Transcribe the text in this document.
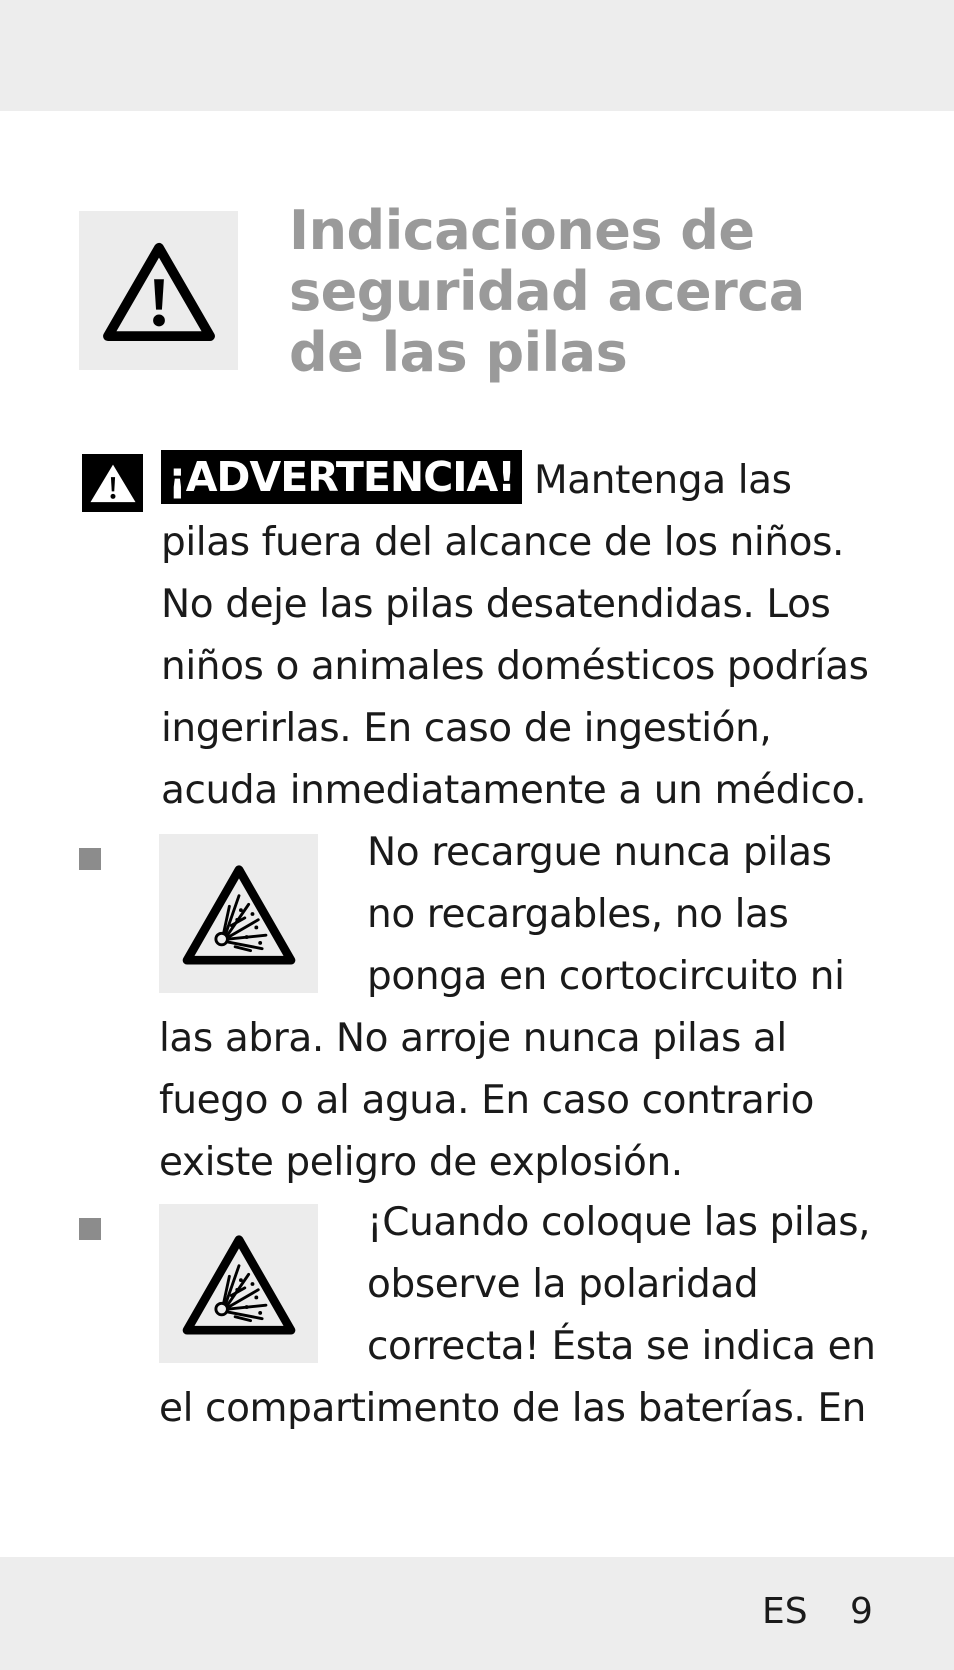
Indicaciones de
seguridad acerca
de las pilas
¡ADVERTENCIA! Mantenga las
pilas fuera del alcance de los niños.
No deje las pilas desatendidas. Los
niños o animales domésticos podrías
ingerirlas. En caso de ingestión,
acuda inmediatamente a un médico.
No recargue nunca pilas
no recargables, no las
ponga en cortocircuito ni
las abra. No arroje nunca pilas al
fuego o al agua. En caso contrario
existe peligro de explosión.
¡Cuando coloque las pilas,
observe la polaridad
correcta! Ésta se indica en
el compartimento de las baterías. En
ES 9
